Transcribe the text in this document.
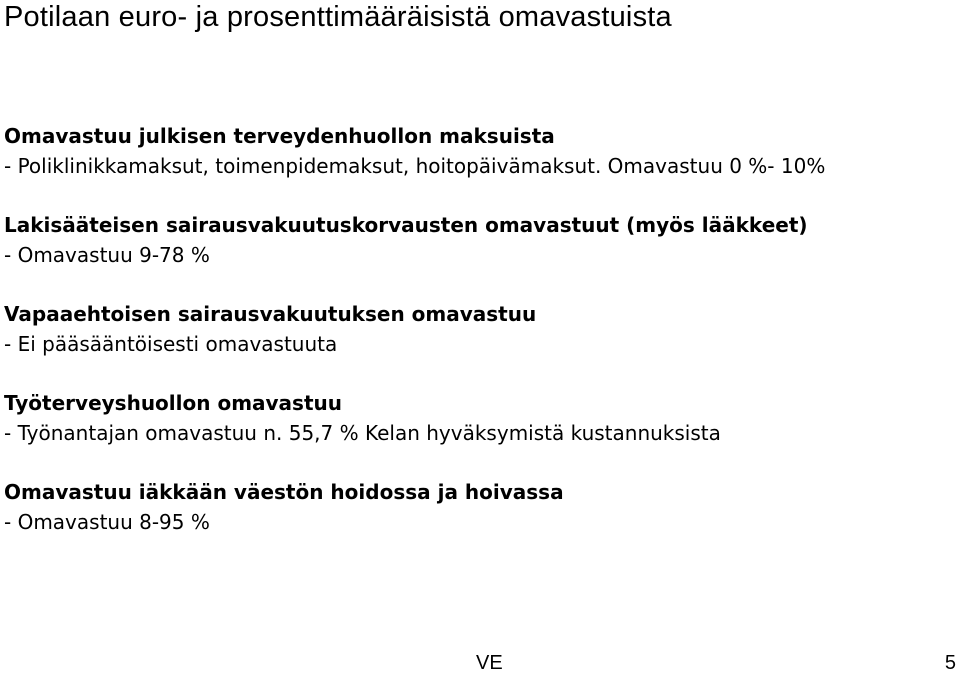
Potilaan euro- ja prosenttimääräisistä omavastuista
Omavastuu julkisen terveydenhuollon maksuista
- Poliklinikkamaksut, toimenpidemaksut, hoitopäivämaksut. Omavastuu 0 %- 10%
Lakisääteisen sairausvakuutuskorvausten omavastuut (myös lääkkeet)
- Omavastuu 9-78 %
Vapaaehtoisen sairausvakuutuksen omavastuu
- Ei pääsääntöisesti omavastuuta
Työterveyshuollon omavastuu
- Työnantajan omavastuu n. 55,7 % Kelan hyväksymistä kustannuksista
Omavastuu iäkkään väestön hoidossa ja hoivassa
- Omavastuu 8-95 %
VE	5
